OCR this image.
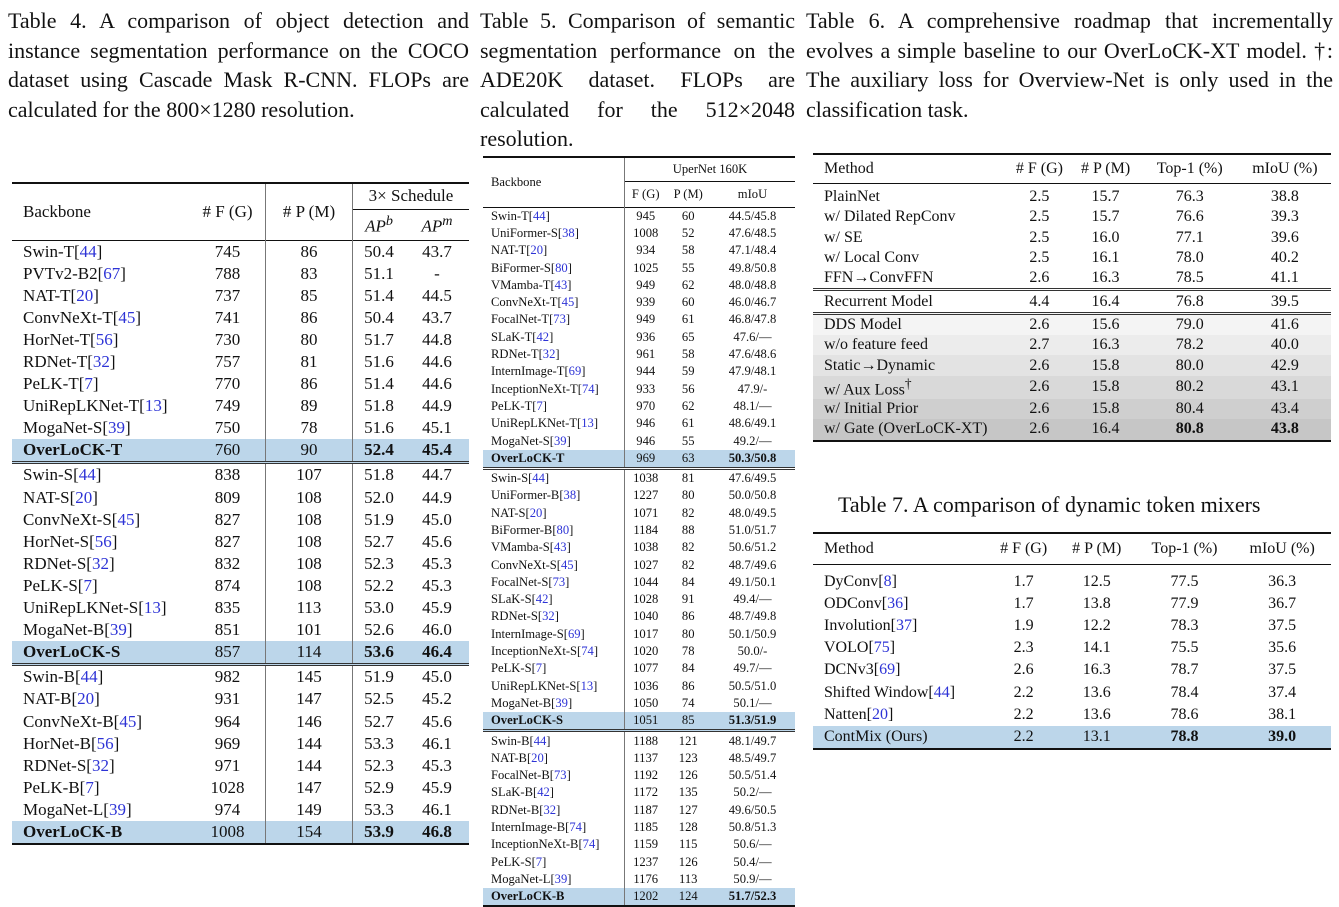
Table 4. A comparison of object detection and instance segmentation performance on the COCO dataset using Cascade Mask R-CNN. FLOPs are calculated for the 800×1280 resolution.
Table 5. Comparison of semantic segmentation performance on the ADE20K dataset. FLOPs are calculated for the 512×2048 resolution.
Table 6. A comprehensive roadmap that incrementally evolves a simple baseline to our OverLoCK-XT model. †: The auxiliary loss for Overview-Net is only used in the classification task.
Table 7. A comparison of dynamic token mixers
Backbone	# F (G)	# P (M)	3× Schedule	
			$AP^b$	$AP^m$
Swin-T[44]	745	86	50.4	43.7
PVTv2-B2[67]	788	83	51.1	-
NAT-T[20]	737	85	51.4	44.5
ConvNeXt-T[45]	741	86	50.4	43.7
HorNet-T[56]	730	80	51.7	44.8
RDNet-T[32]	757	81	51.6	44.6
PeLK-T[7]	770	86	51.4	44.6
UniRepLKNet-T[13]	749	89	51.8	44.9
MogaNet-S[39]	750	78	51.6	45.1
OverLoCK-T	760	90	52.4	45.4
Swin-S[44]	838	107	51.8	44.7
NAT-S[20]	809	108	52.0	44.9
ConvNeXt-S[45]	827	108	51.9	45.0
HorNet-S[56]	827	108	52.7	45.6
RDNet-S[32]	832	108	52.3	45.3
PeLK-S[7]	874	108	52.2	45.3
UniRepLKNet-S[13]	835	113	53.0	45.9
MogaNet-B[39]	851	101	52.6	46.0
OverLoCK-S	857	114	53.6	46.4
Swin-B[44]	982	145	51.9	45.0
NAT-B[20]	931	147	52.5	45.2
ConvNeXt-B[45]	964	146	52.7	45.6
HorNet-B[56]	969	144	53.3	46.1
RDNet-S[32]	971	144	52.3	45.3
PeLK-B[7]	1028	147	52.9	45.9
MogaNet-L[39]	974	149	53.3	46.1
OverLoCK-B	1008	154	53.9	46.8
Backbone	UperNet 160K		
	F (G)	P (M)	mIoU
Swin-T[44]	945	60	44.5/45.8
UniFormer-S[38]	1008	52	47.6/48.5
NAT-T[20]	934	58	47.1/48.4
BiFormer-S[80]	1025	55	49.8/50.8
VMamba-T[43]	949	62	48.0/48.8
ConvNeXt-T[45]	939	60	46.0/46.7
FocalNet-T[73]	949	61	46.8/47.8
SLaK-T[42]	936	65	47.6/—
RDNet-T[32]	961	58	47.6/48.6
InternImage-T[69]	944	59	47.9/48.1
InceptionNeXt-T[74]	933	56	47.9/-
PeLK-T[7]	970	62	48.1/—
UniRepLKNet-T[13]	946	61	48.6/49.1
MogaNet-S[39]	946	55	49.2/—
OverLoCK-T	969	63	50.3/50.8
Swin-S[44]	1038	81	47.6/49.5
UniFormer-B[38]	1227	80	50.0/50.8
NAT-S[20]	1071	82	48.0/49.5
BiFormer-B[80]	1184	88	51.0/51.7
VMamba-S[43]	1038	82	50.6/51.2
ConvNeXt-S[45]	1027	82	48.7/49.6
FocalNet-S[73]	1044	84	49.1/50.1
SLaK-S[42]	1028	91	49.4/—
RDNet-S[32]	1040	86	48.7/49.8
InternImage-S[69]	1017	80	50.1/50.9
InceptionNeXt-S[74]	1020	78	50.0/-
PeLK-S[7]	1077	84	49.7/—
UniRepLKNet-S[13]	1036	86	50.5/51.0
MogaNet-B[39]	1050	74	50.1/—
OverLoCK-S	1051	85	51.3/51.9
Swin-B[44]	1188	121	48.1/49.7
NAT-B[20]	1137	123	48.5/49.7
FocalNet-B[73]	1192	126	50.5/51.4
SLaK-B[42]	1172	135	50.2/—
RDNet-B[32]	1187	127	49.6/50.5
InternImage-B[74]	1185	128	50.8/51.3
InceptionNeXt-B[74]	1159	115	50.6/—
PeLK-S[7]	1237	126	50.4/—
MogaNet-L[39]	1176	113	50.9/—
OverLoCK-B	1202	124	51.7/52.3
Method	# F (G)	# P (M)	Top-1 (%)	mIoU (%)
PlainNet	2.5	15.7	76.3	38.8
w/ Dilated RepConv	2.5	15.7	76.6	39.3
w/ SE	2.5	16.0	77.1	39.6
w/ Local Conv	2.5	16.1	78.0	40.2
FFN→ConvFFN	2.6	16.3	78.5	41.1
Recurrent Model	4.4	16.4	76.8	39.5
DDS Model	2.6	15.6	79.0	41.6
w/o feature feed	2.7	16.3	78.2	40.0
Static→Dynamic	2.6	15.8	80.0	42.9
w/ Aux Loss†	2.6	15.8	80.2	43.1
w/ Initial Prior	2.6	15.8	80.4	43.4
w/ Gate (OverLoCK-XT)	2.6	16.4	80.8	43.8
Method	# F (G)	# P (M)	Top-1 (%)	mIoU (%)
DyConv[8]	1.7	12.5	77.5	36.3
ODConv[36]	1.7	13.8	77.9	36.7
Involution[37]	1.9	12.2	78.3	37.5
VOLO[75]	2.3	14.1	75.5	35.6
DCNv3[69]	2.6	16.3	78.7	37.5
Shifted Window[44]	2.2	13.6	78.4	37.4
Natten[20]	2.2	13.6	78.6	38.1
ContMix (Ours)	2.2	13.1	78.8	39.0
